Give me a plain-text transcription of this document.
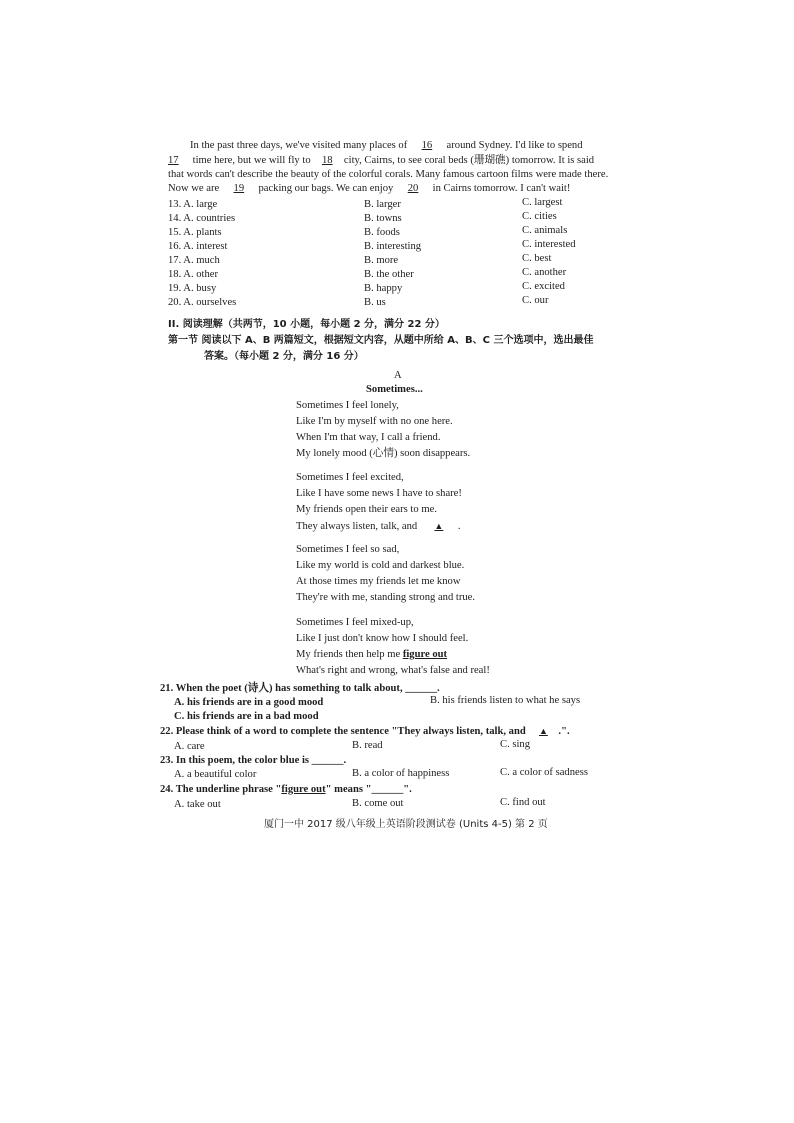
In the past three days, we've visited many places of 16 around Sydney. I'd like to spend
17 time here, but we will fly to 18 city, Cairns, to see coral beds (珊瑚礁) tomorrow. It is said
that words can't describe the beauty of the colorful corals. Many famous cartoon films were made there.
Now we are 19 packing our bags. We can enjoy 20 in Cairns tomorrow. I can't wait!
13. A. large	B. larger	C. largest
14. A. countries	B. towns	C. cities
15. A. plants	B. foods	C. animals
16. A. interest	B. interesting	C. interested
17. A. much	B. more	C. best
18. A. other	B. the other	C. another
19. A. busy	B. happy	C. excited
20. A. ourselves	B. us	C. our
II. 阅读理解（共两节，10 小题，每小题 2 分，满分 22 分）
第一节 阅读以下 A、B 两篇短文，根据短文内容，从题中所给 A、B、C 三个选项中，选出最佳
答案。（每小题 2 分，满分 16 分）
A
Sometimes...
Sometimes I feel lonely,
Like I'm by myself with no one here.
When I'm that way, I call a friend.
My lonely mood (心情) soon disappears.
Sometimes I feel excited,
Like I have some news I have to share!
My friends open their ears to me.
They always listen, talk, and ▲ .
Sometimes I feel so sad,
Like my world is cold and darkest blue.
At those times my friends let me know
They're with me, standing strong and true.
Sometimes I feel mixed-up,
Like I just don't know how I should feel.
My friends then help me figure out
What's right and wrong, what's false and real!
21. When the poet (诗人) has something to talk about, ______.
A. his friends are in a good mood	B. his friends listen to what he says
C. his friends are in a bad mood
22. Please think of a word to complete the sentence "They always listen, talk, and ▲ .".
A. care	B. read	C. sing
23. In this poem, the color blue is ______.
A. a beautiful color	B. a color of happiness	C. a color of sadness
24. The underline phrase "figure out" means "______".
A. take out	B. come out	C. find out
厦门一中 2017 级八年级上英语阶段测试卷 (Units 4-5) 第 2 页
